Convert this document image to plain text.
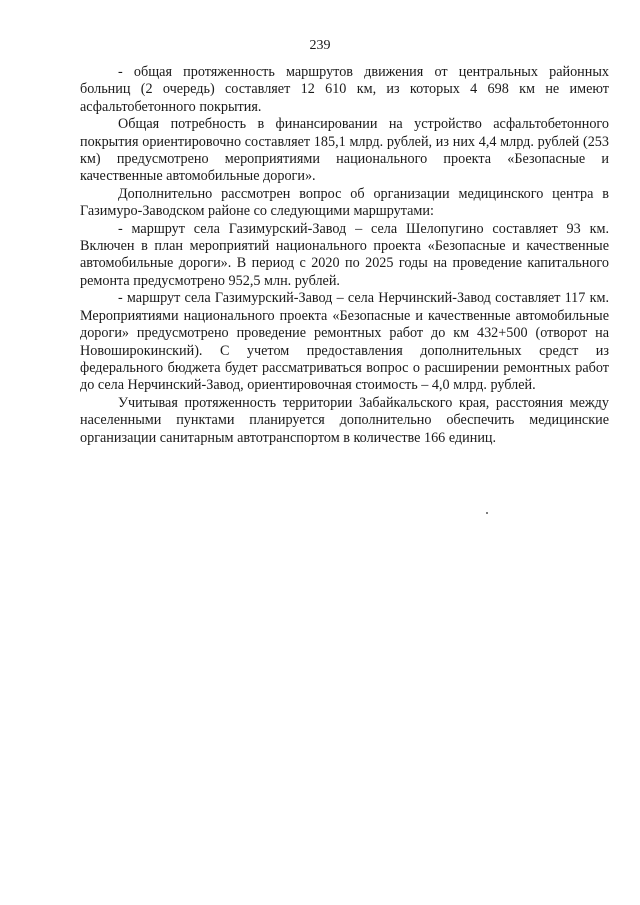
239

- общая протяженность маршрутов движения от центральных районных больниц (2 очередь) составляет 12 610 км, из которых 4 698 км не имеют асфальтобетонного покрытия.

Общая потребность в финансировании на устройство асфальтобетонного покрытия ориентировочно составляет 185,1 млрд. рублей, из них 4,4 млрд. рублей (253 км) предусмотрено мероприятиями национального проекта «Безопасные и качественные автомобильные дороги».

Дополнительно рассмотрен вопрос об организации медицинского центра в Газимуро-Заводском районе со следующими маршрутами:

- маршрут села Газимурский-Завод – села Шелопугино составляет 93 км. Включен в план мероприятий национального проекта «Безопасные и качественные автомобильные дороги». В период с 2020 по 2025 годы на проведение капитального ремонта предусмотрено 952,5 млн. рублей.

- маршрут села Газимурский-Завод – села Нерчинский-Завод составляет 117 км. Мероприятиями национального проекта «Безопасные и качественные автомобильные дороги» предусмотрено проведение ремонтных работ до км 432+500 (отворот на Новоширокинский). С учетом предоставления дополнительных средст из федерального бюджета будет рассматриваться вопрос о расширении ремонтных работ до села Нерчинский-Завод, ориентировочная стоимость – 4,0 млрд. рублей.

Учитывая протяженность территории Забайкальского края, расстояния между населенными пунктами планируется дополнительно обеспечить медицинские организации санитарным автотранспортом в количестве 166 единиц.
